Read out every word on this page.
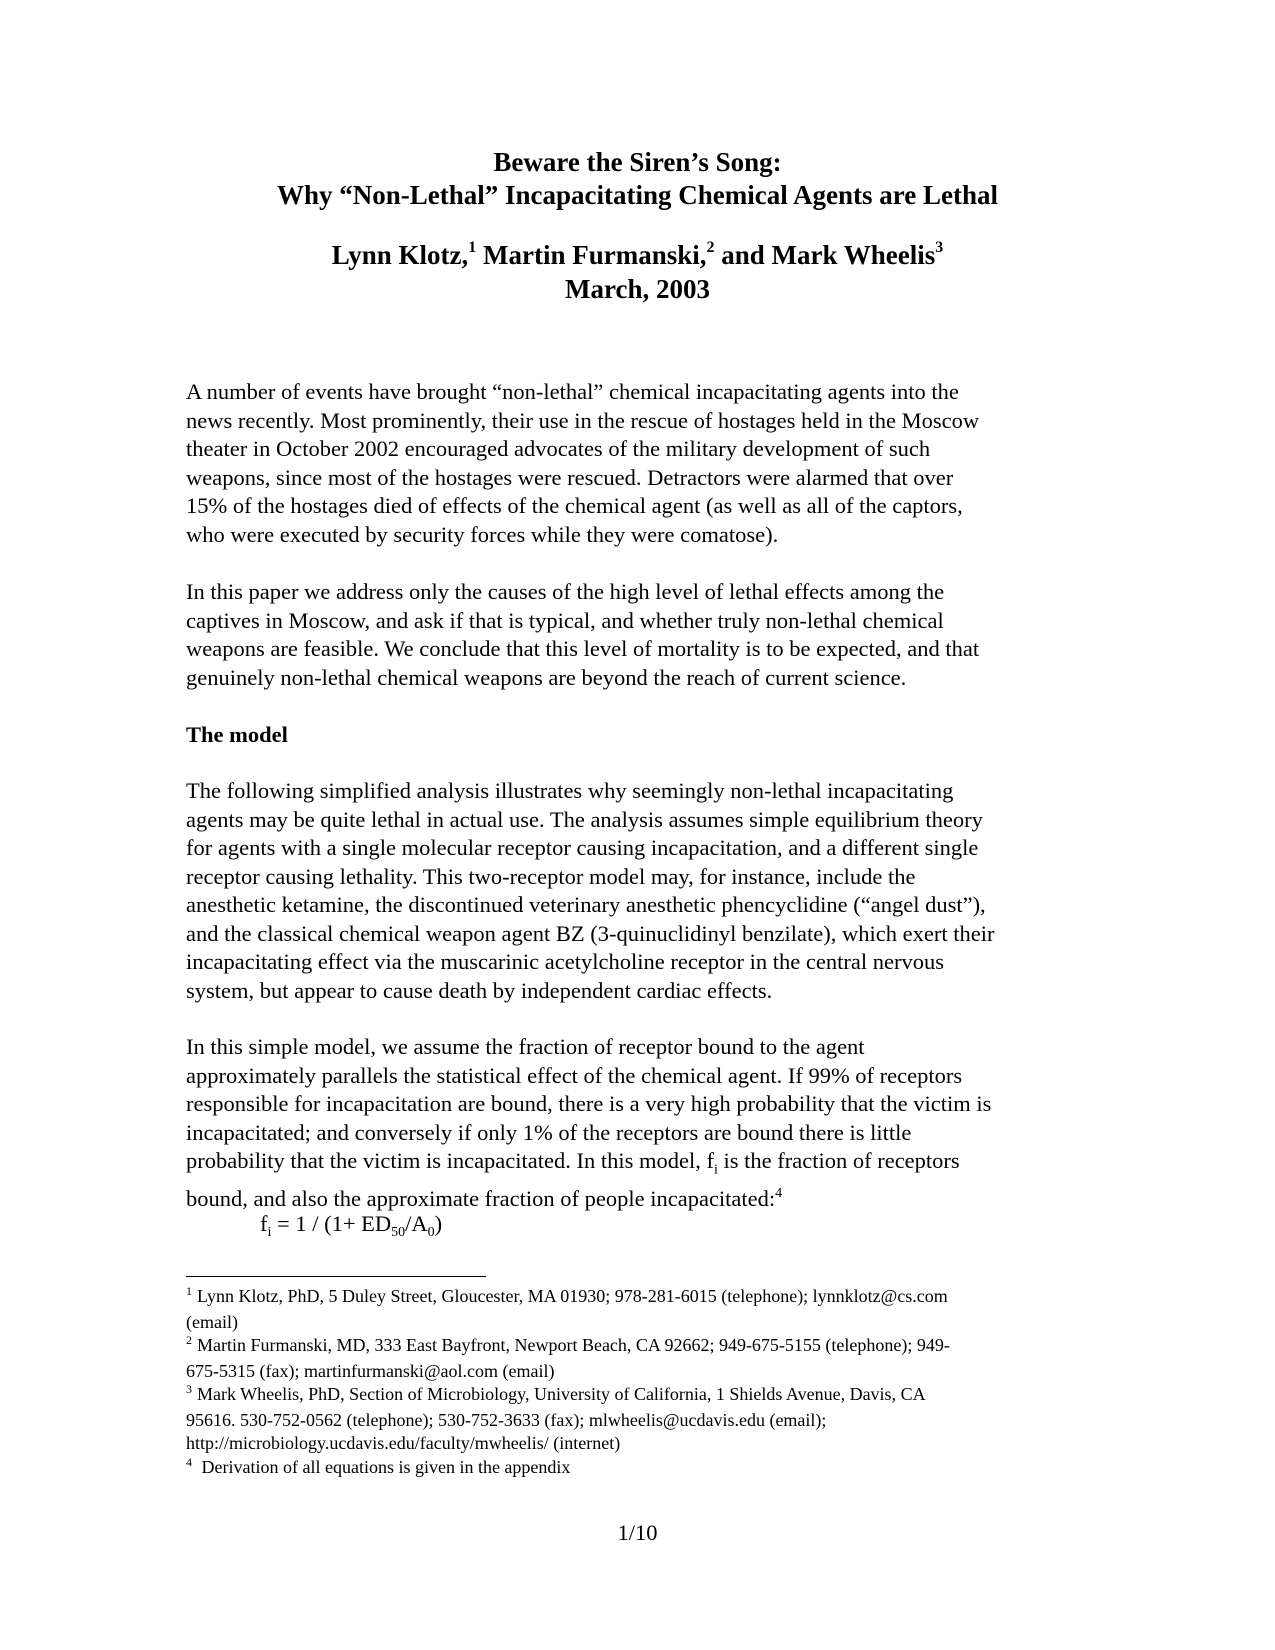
Beware the Siren’s Song:
Why “Non-Lethal” Incapacitating Chemical Agents are Lethal
Lynn Klotz,$^1$ Martin Furmanski,$^2$ and Mark Wheelis$^3$
March, 2003
A number of events have brought “non-lethal” chemical incapacitating agents into the
news recently. Most prominently, their use in the rescue of hostages held in the Moscow
theater in October 2002 encouraged advocates of the military development of such
weapons, since most of the hostages were rescued. Detractors were alarmed that over
15% of the hostages died of effects of the chemical agent (as well as all of the captors,
who were executed by security forces while they were comatose).
In this paper we address only the causes of the high level of lethal effects among the
captives in Moscow, and ask if that is typical, and whether truly non-lethal chemical
weapons are feasible. We conclude that this level of mortality is to be expected, and that
genuinely non-lethal chemical weapons are beyond the reach of current science.
The model
The following simplified analysis illustrates why seemingly non-lethal incapacitating
agents may be quite lethal in actual use. The analysis assumes simple equilibrium theory
for agents with a single molecular receptor causing incapacitation, and a different single
receptor causing lethality. This two-receptor model may, for instance, include the
anesthetic ketamine, the discontinued veterinary anesthetic phencyclidine (“angel dust”),
and the classical chemical weapon agent BZ (3-quinuclidinyl benzilate), which exert their
incapacitating effect via the muscarinic acetylcholine receptor in the central nervous
system, but appear to cause death by independent cardiac effects.
In this simple model, we assume the fraction of receptor bound to the agent
approximately parallels the statistical effect of the chemical agent. If 99% of receptors
responsible for incapacitation are bound, there is a very high probability that the victim is
incapacitated; and conversely if only 1% of the receptors are bound there is little
probability that the victim is incapacitated. In this model, $f_i$ is the fraction of receptors
bound, and also the approximate fraction of people incapacitated:$^4$
$f_i = 1 / (1+ ED_{50}/A_0)$
$^1$ Lynn Klotz, PhD, 5 Duley Street, Gloucester, MA 01930; 978-281-6015 (telephone); lynnklotz@cs.com
(email)
$^2$ Martin Furmanski, MD, 333 East Bayfront, Newport Beach, CA 92662; 949-675-5155 (telephone); 949-
675-5315 (fax); martinfurmanski@aol.com (email)
$^3$ Mark Wheelis, PhD, Section of Microbiology, University of California, 1 Shields Avenue, Davis, CA
95616. 530-752-0562 (telephone); 530-752-3633 (fax); mlwheelis@ucdavis.edu (email);
http://microbiology.ucdavis.edu/faculty/mwheelis/ (internet)
$^4$ Derivation of all equations is given in the appendix
1/10
